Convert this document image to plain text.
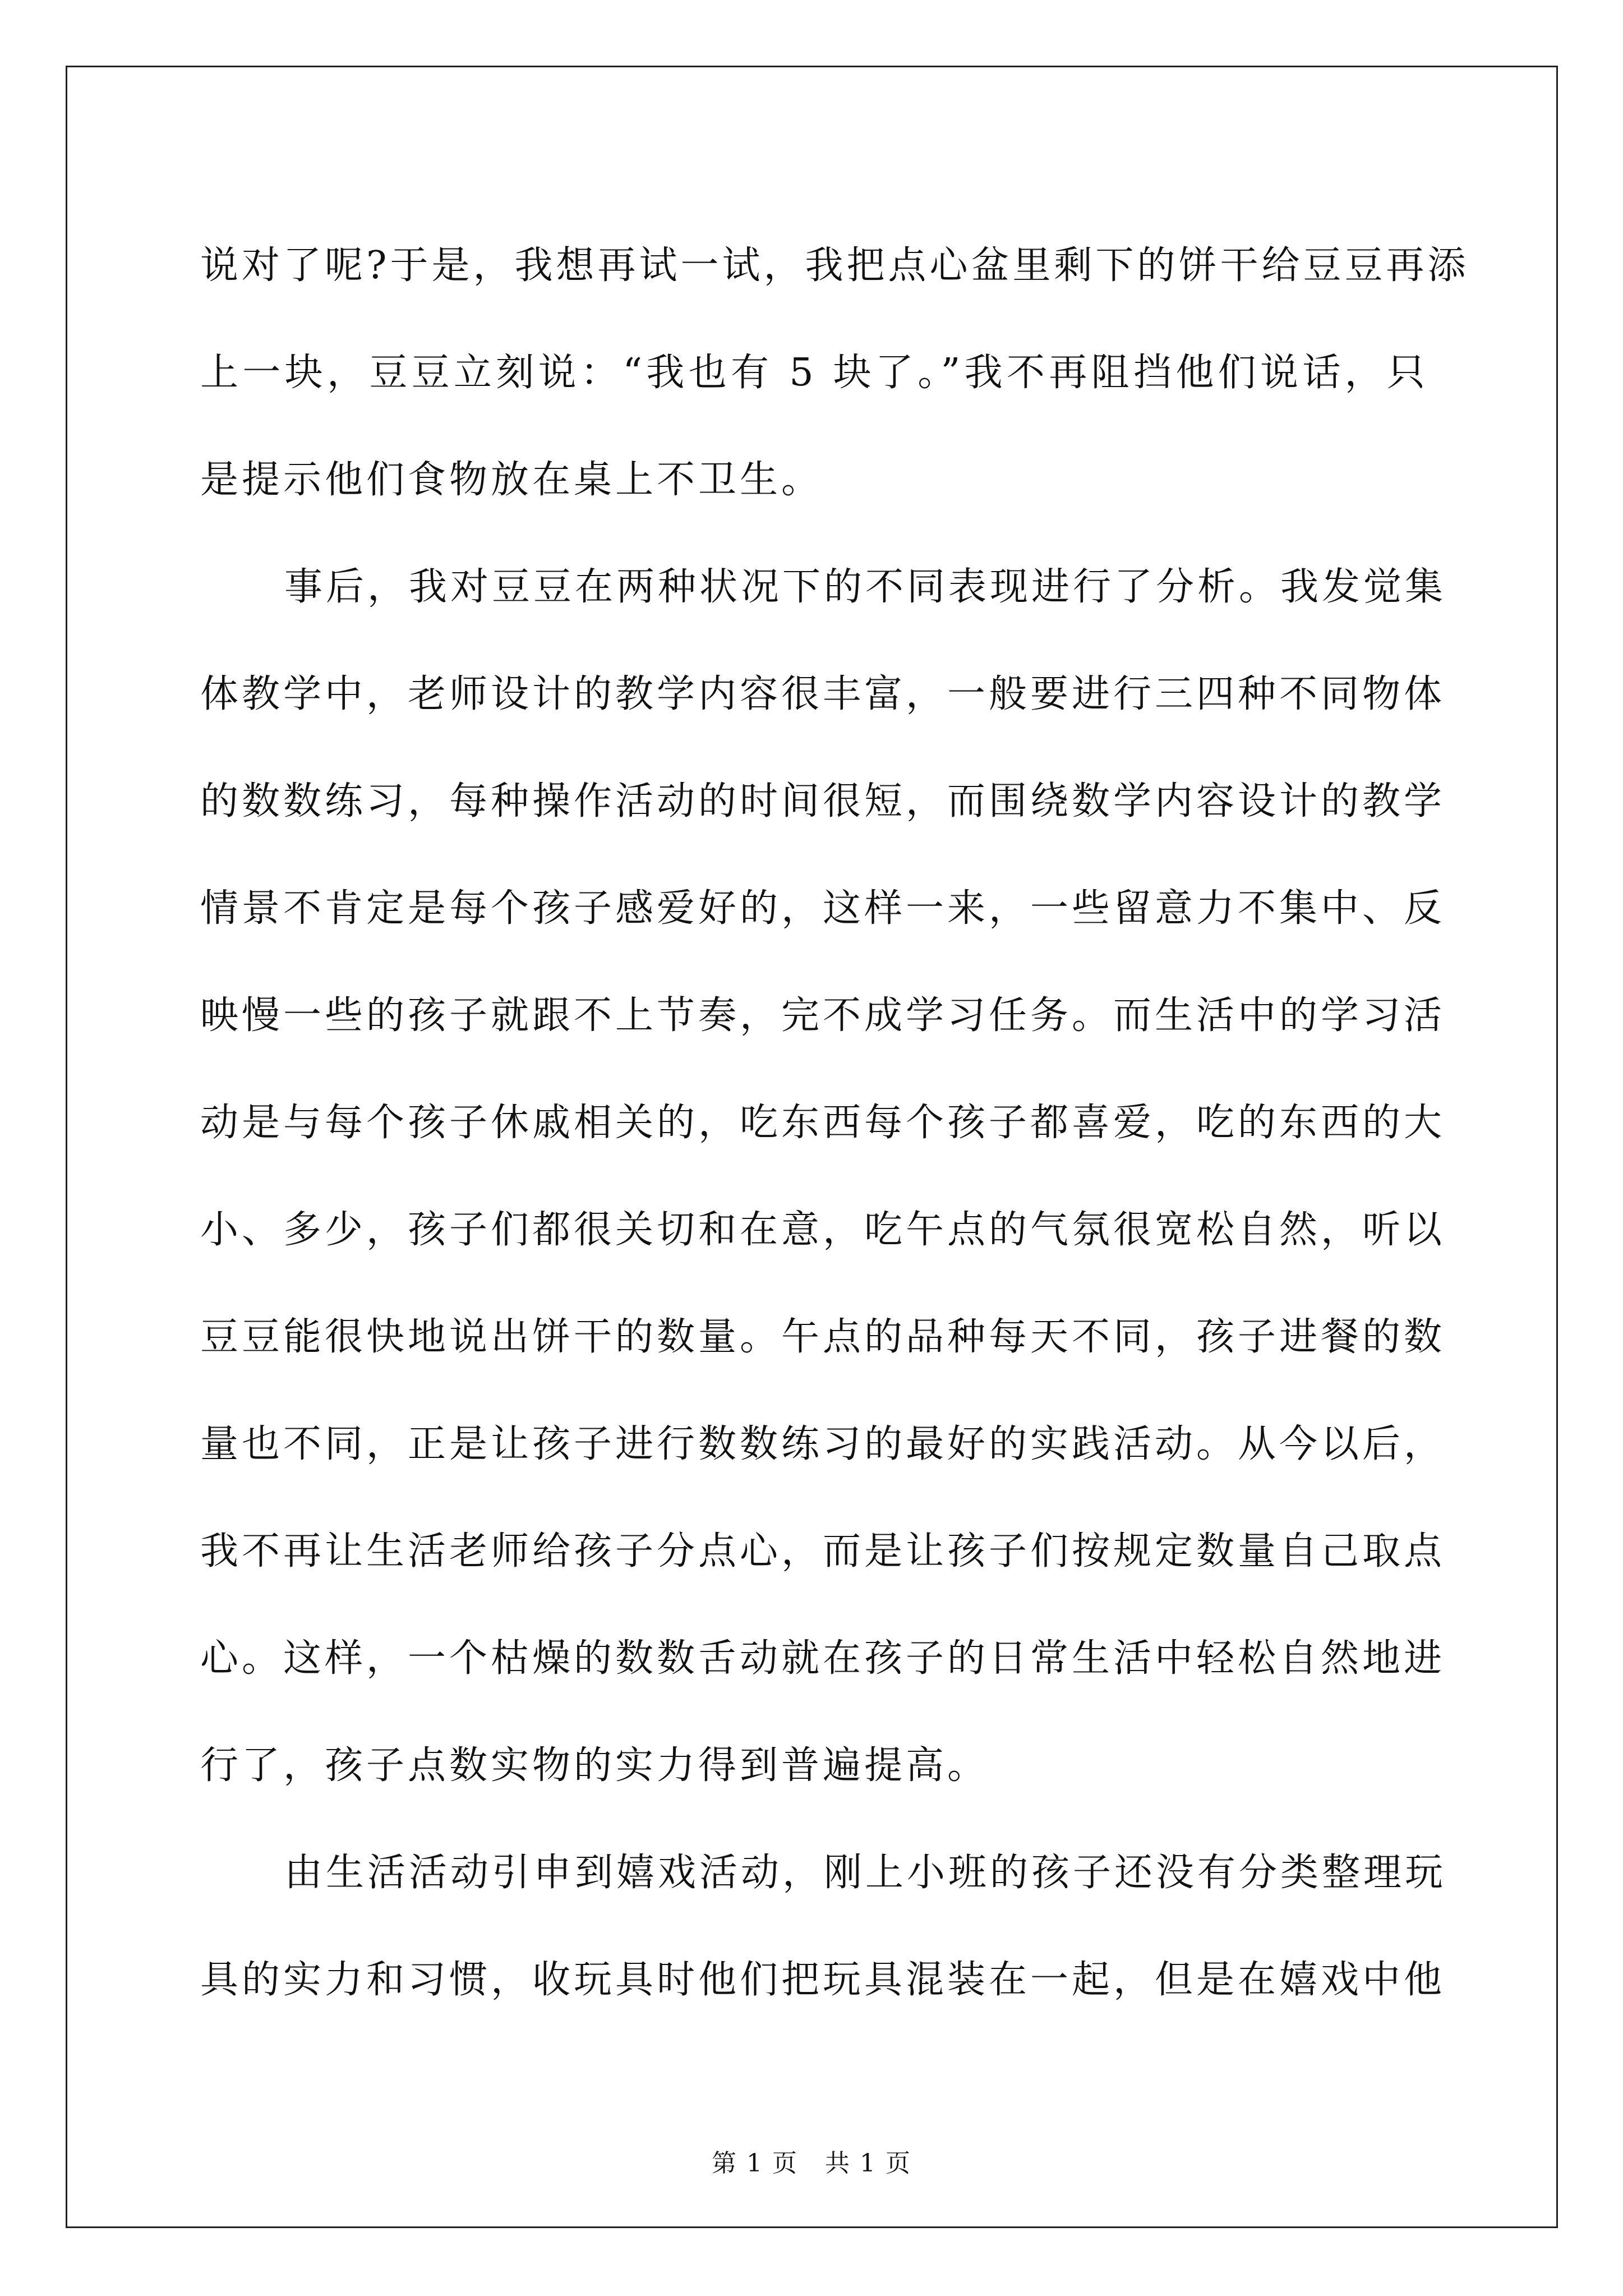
说对了呢?于是，我想再试一试，我把点心盆里剩下的饼干给豆豆再添
上一块，豆豆立刻说：“我也有 5 块了。”我不再阻挡他们说话，只
是提示他们食物放在桌上不卫生。
事后，我对豆豆在两种状况下的不同表现进行了分析。我发觉集
体教学中，老师设计的教学内容很丰富，一般要进行三四种不同物体
的数数练习，每种操作活动的时间很短，而围绕数学内容设计的教学
情景不肯定是每个孩子感爱好的，这样一来，一些留意力不集中、反
映慢一些的孩子就跟不上节奏，完不成学习任务。而生活中的学习活
动是与每个孩子休戚相关的，吃东西每个孩子都喜爱，吃的东西的大
小、多少，孩子们都很关切和在意，吃午点的气氛很宽松自然，听以
豆豆能很快地说出饼干的数量。午点的品种每天不同，孩子进餐的数
量也不同，正是让孩子进行数数练习的最好的实践活动。从今以后，
我不再让生活老师给孩子分点心，而是让孩子们按规定数量自己取点
心。这样，一个枯燥的数数舌动就在孩子的日常生活中轻松自然地进
行了，孩子点数实物的实力得到普遍提高。
由生活活动引申到嬉戏活动，刚上小班的孩子还没有分类整理玩
具的实力和习惯，收玩具时他们把玩具混装在一起，但是在嬉戏中他
第 1 页 共 1 页
